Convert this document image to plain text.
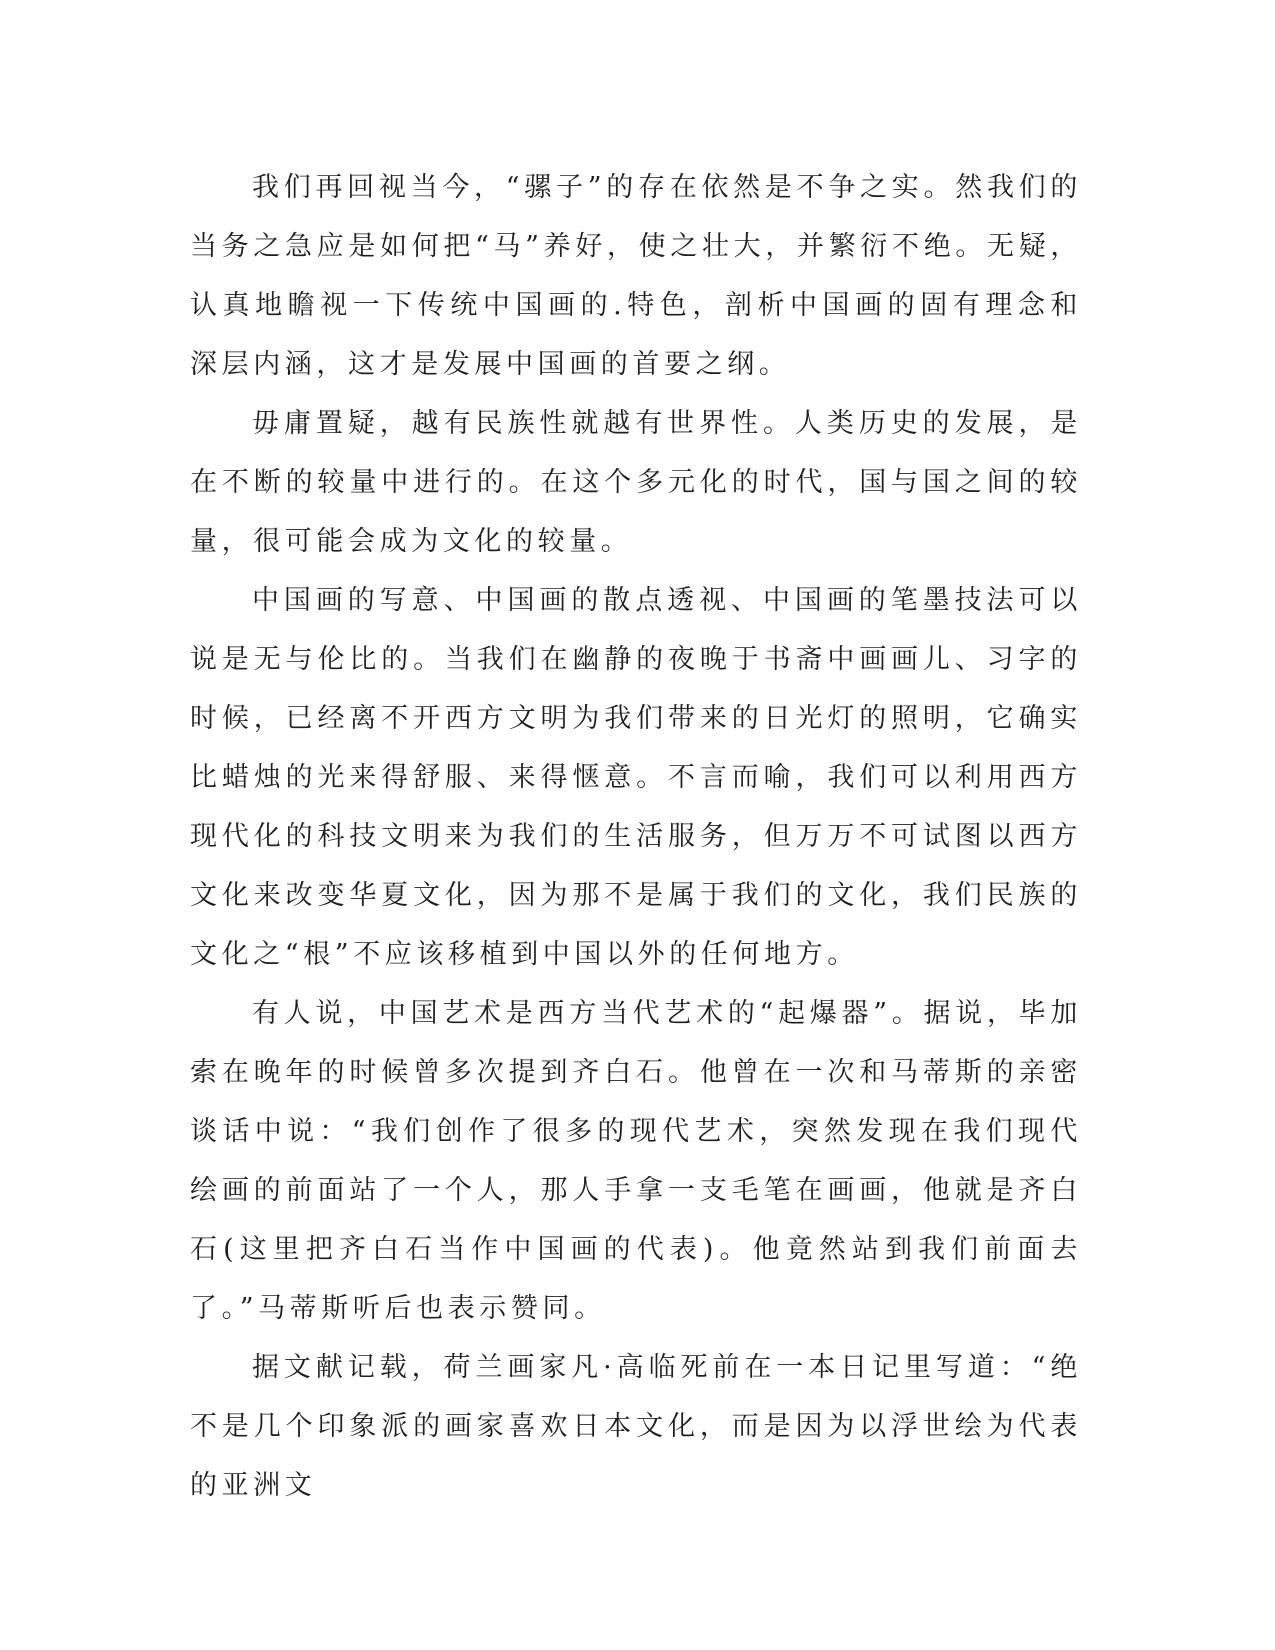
我们再回视当今，“骡子”的存在依然是不争之实。然我们的当务之急应是如何把“马”养好，使之壮大，并繁衍不绝。无疑，认真地瞻视一下传统中国画的.特色，剖析中国画的固有理念和深层内涵，这才是发展中国画的首要之纲。

毋庸置疑，越有民族性就越有世界性。人类历史的发展，是在不断的较量中进行的。在这个多元化的时代，国与国之间的较量，很可能会成为文化的较量。

中国画的写意、中国画的散点透视、中国画的笔墨技法可以说是无与伦比的。当我们在幽静的夜晚于书斋中画画儿、习字的时候，已经离不开西方文明为我们带来的日光灯的照明，它确实比蜡烛的光来得舒服、来得惬意。不言而喻，我们可以利用西方现代化的科技文明来为我们的生活服务，但万万不可试图以西方文化来改变华夏文化，因为那不是属于我们的文化，我们民族的文化之“根”不应该移植到中国以外的任何地方。

有人说，中国艺术是西方当代艺术的“起爆器”。据说，毕加索在晚年的时候曾多次提到齐白石。他曾在一次和马蒂斯的亲密谈话中说：“我们创作了很多的现代艺术，突然发现在我们现代绘画的前面站了一个人，那人手拿一支毛笔在画画，他就是齐白石(这里把齐白石当作中国画的代表)。他竟然站到我们前面去了。”马蒂斯听后也表示赞同。

据文献记载，荷兰画家凡·高临死前在一本日记里写道：“绝不是几个印象派的画家喜欢日本文化，而是因为以浮世绘为代表的亚洲文
